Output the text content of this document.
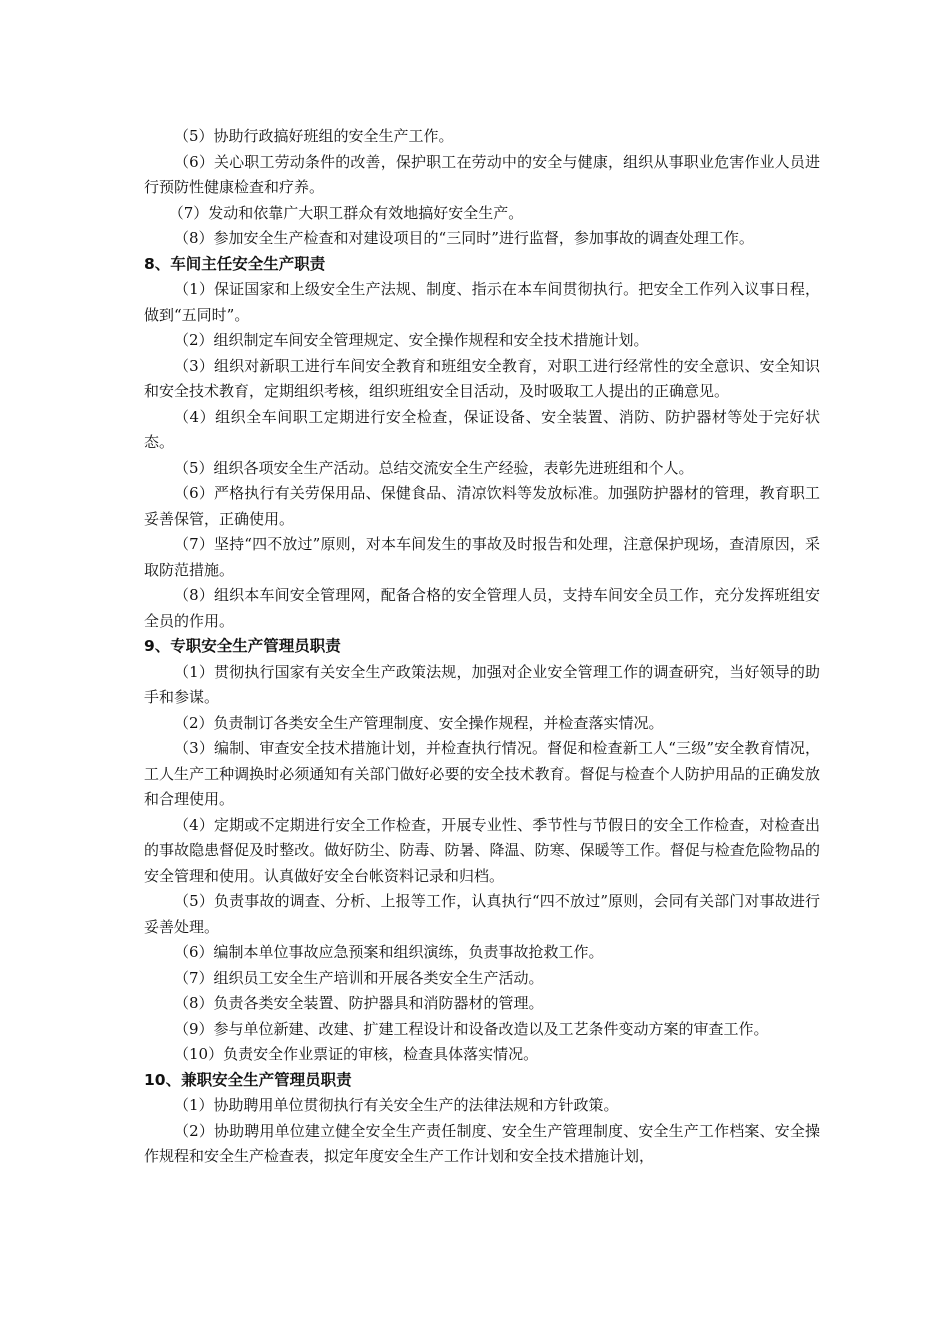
（5）协助行政搞好班组的安全生产工作。

（6）关心职工劳动条件的改善，保护职工在劳动中的安全与健康，组织从事职业危害作业人员进行预防性健康检查和疗养。

（7）发动和依靠广大职工群众有效地搞好安全生产。

（8）参加安全生产检查和对建设项目的“三同时”进行监督，参加事故的调查处理工作。

8、车间主任安全生产职责

（1）保证国家和上级安全生产法规、制度、指示在本车间贯彻执行。把安全工作列入议事日程，做到“五同时”。

（2）组织制定车间安全管理规定、安全操作规程和安全技术措施计划。

（3）组织对新职工进行车间安全教育和班组安全教育，对职工进行经常性的安全意识、安全知识和安全技术教育，定期组织考核，组织班组安全目活动，及时吸取工人提出的正确意见。

（4）组织全车间职工定期进行安全检查，保证设备、安全装置、消防、防护器材等处于完好状态。

（5）组织各项安全生产活动。总结交流安全生产经验，表彰先进班组和个人。

（6）严格执行有关劳保用品、保健食品、清凉饮料等发放标准。加强防护器材的管理，教育职工妥善保管，正确使用。

（7）坚持“四不放过”原则，对本车间发生的事故及时报告和处理，注意保护现场，查清原因，采取防范措施。

（8）组织本车间安全管理网，配备合格的安全管理人员，支持车间安全员工作，充分发挥班组安全员的作用。

9、专职安全生产管理员职责

（1）贯彻执行国家有关安全生产政策法规，加强对企业安全管理工作的调查研究，当好领导的助手和参谋。

（2）负责制订各类安全生产管理制度、安全操作规程，并检查落实情况。

（3）编制、审查安全技术措施计划，并检查执行情况。督促和检查新工人“三级”安全教育情况，工人生产工种调换时必须通知有关部门做好必要的安全技术教育。督促与检查个人防护用品的正确发放和合理使用。

（4）定期或不定期进行安全工作检查，开展专业性、季节性与节假日的安全工作检查，对检查出的事故隐患督促及时整改。做好防尘、防毒、防暑、降温、防寒、保暖等工作。督促与检查危险物品的安全管理和使用。认真做好安全台帐资料记录和归档。

（5）负责事故的调查、分析、上报等工作，认真执行“四不放过”原则，会同有关部门对事故进行妥善处理。

（6）编制本单位事故应急预案和组织演练，负责事故抢救工作。

（7）组织员工安全生产培训和开展各类安全生产活动。

（8）负责各类安全装置、防护器具和消防器材的管理。

（9）参与单位新建、改建、扩建工程设计和设备改造以及工艺条件变动方案的审查工作。

（10）负责安全作业票证的审核，检查具体落实情况。

10、兼职安全生产管理员职责

（1）协助聘用单位贯彻执行有关安全生产的法律法规和方针政策。

（2）协助聘用单位建立健全安全生产责任制度、安全生产管理制度、安全生产工作档案、安全操作规程和安全生产检查表，拟定年度安全生产工作计划和安全技术措施计划，
